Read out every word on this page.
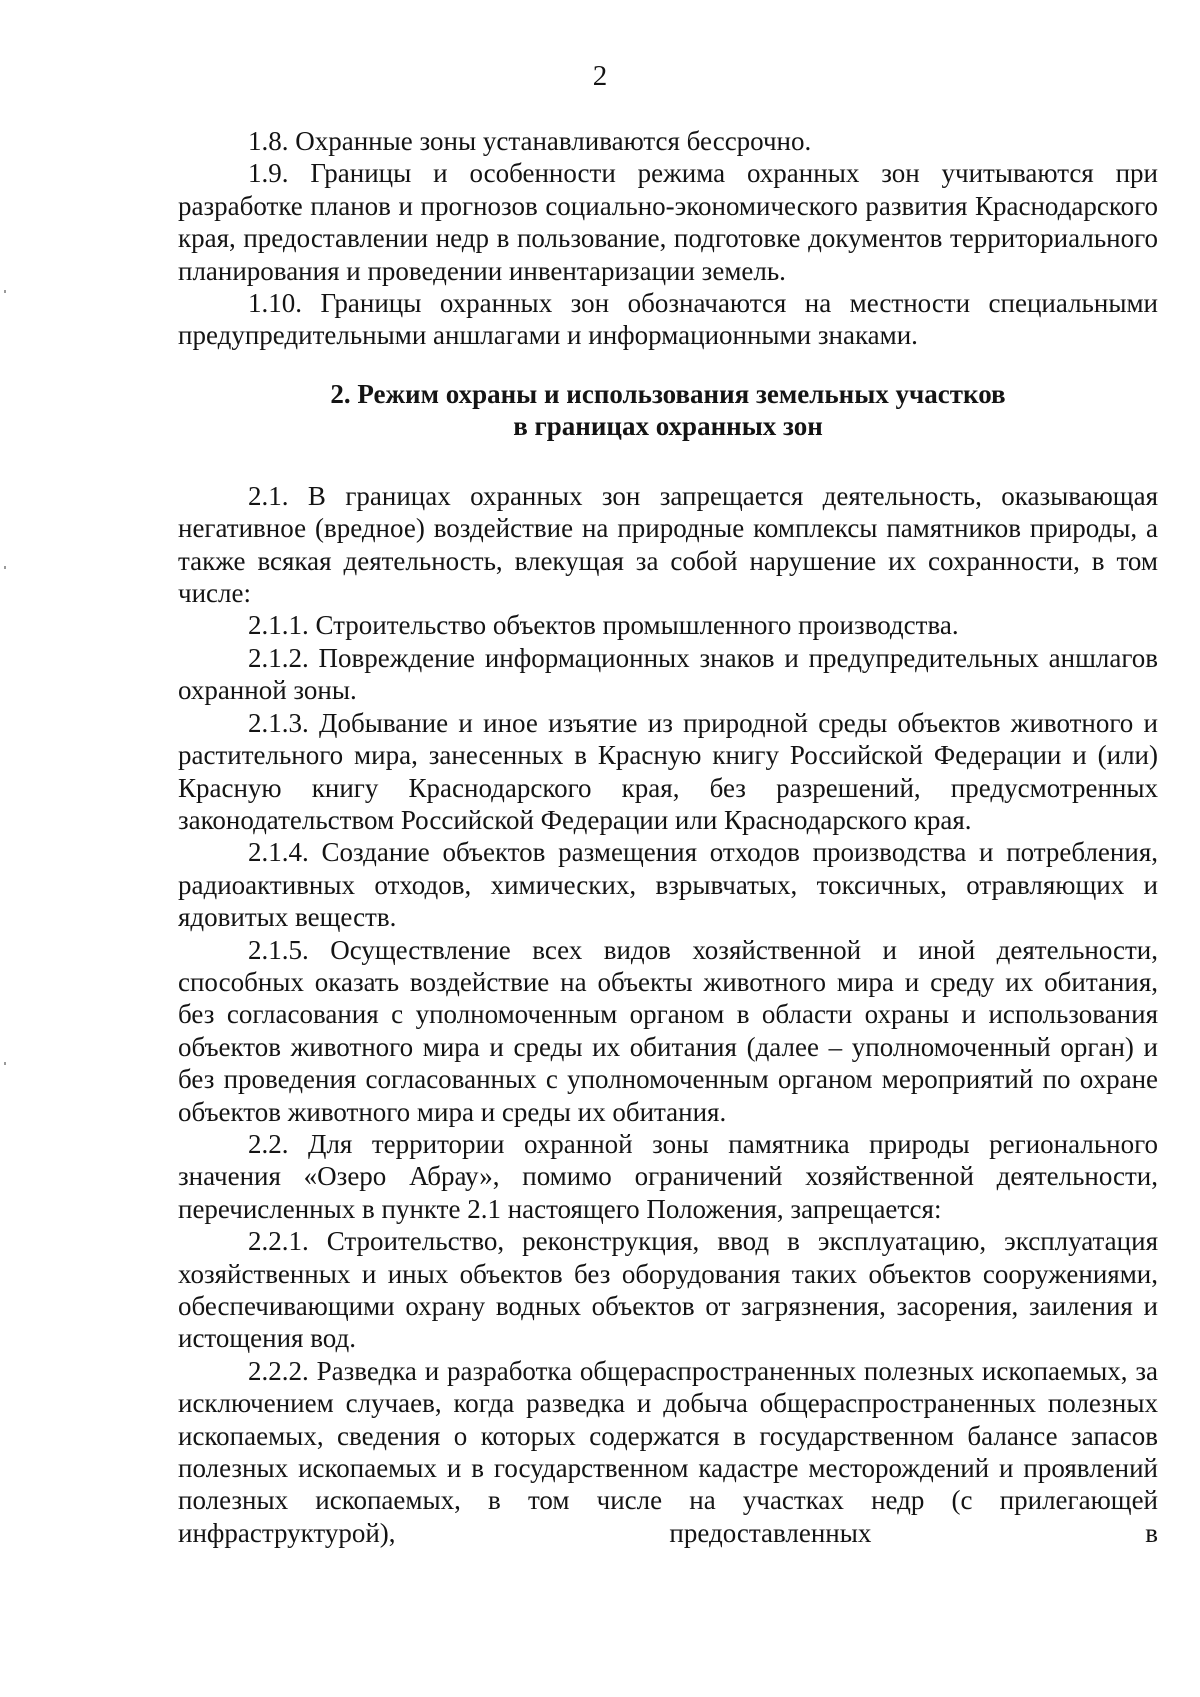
2

1.8. Охранные зоны устанавливаются бессрочно.

1.9. Границы и особенности режима охранных зон учитываются при разработке планов и прогнозов социально-экономического развития Краснодарского края, предоставлении недр в пользование, подготовке документов территориального планирования и проведении инвентаризации земель.

1.10. Границы охранных зон обозначаются на местности специальными предупредительными аншлагами и информационными знаками.

2. Режим охраны и использования земельных участков
в границах охранных зон

2.1. В границах охранных зон запрещается деятельность, оказывающая негативное (вредное) воздействие на природные комплексы памятников природы, а также всякая деятельность, влекущая за собой нарушение их сохранности, в том числе:

2.1.1. Строительство объектов промышленного производства.

2.1.2. Повреждение информационных знаков и предупредительных аншлагов охранной зоны.

2.1.3. Добывание и иное изъятие из природной среды объектов животного и растительного мира, занесенных в Красную книгу Российской Федерации и (или) Красную книгу Краснодарского края, без разрешений, предусмотренных законодательством Российской Федерации или Краснодарского края.

2.1.4. Создание объектов размещения отходов производства и потребления, радиоактивных отходов, химических, взрывчатых, токсичных, отравляющих и ядовитых веществ.

2.1.5. Осуществление всех видов хозяйственной и иной деятельности, способных оказать воздействие на объекты животного мира и среду их обитания, без согласования с уполномоченным органом в области охраны и использования объектов животного мира и среды их обитания (далее – уполномоченный орган) и без проведения согласованных с уполномоченным органом мероприятий по охране объектов животного мира и среды их обитания.

2.2. Для территории охранной зоны памятника природы регионального значения «Озеро Абрау», помимо ограничений хозяйственной деятельности, перечисленных в пункте 2.1 настоящего Положения, запрещается:

2.2.1. Строительство, реконструкция, ввод в эксплуатацию, эксплуатация хозяйственных и иных объектов без оборудования таких объектов сооружениями, обеспечивающими охрану водных объектов от загрязнения, засорения, заиления и истощения вод.

2.2.2. Разведка и разработка общераспространенных полезных ископаемых, за исключением случаев, когда разведка и добыча общераспространенных полезных ископаемых, сведения о которых содержатся в государственном балансе запасов полезных ископаемых и в государственном кадастре месторождений и проявлений полезных ископаемых, в том числе на участках недр (с прилегающей инфраструктурой), предоставленных в
